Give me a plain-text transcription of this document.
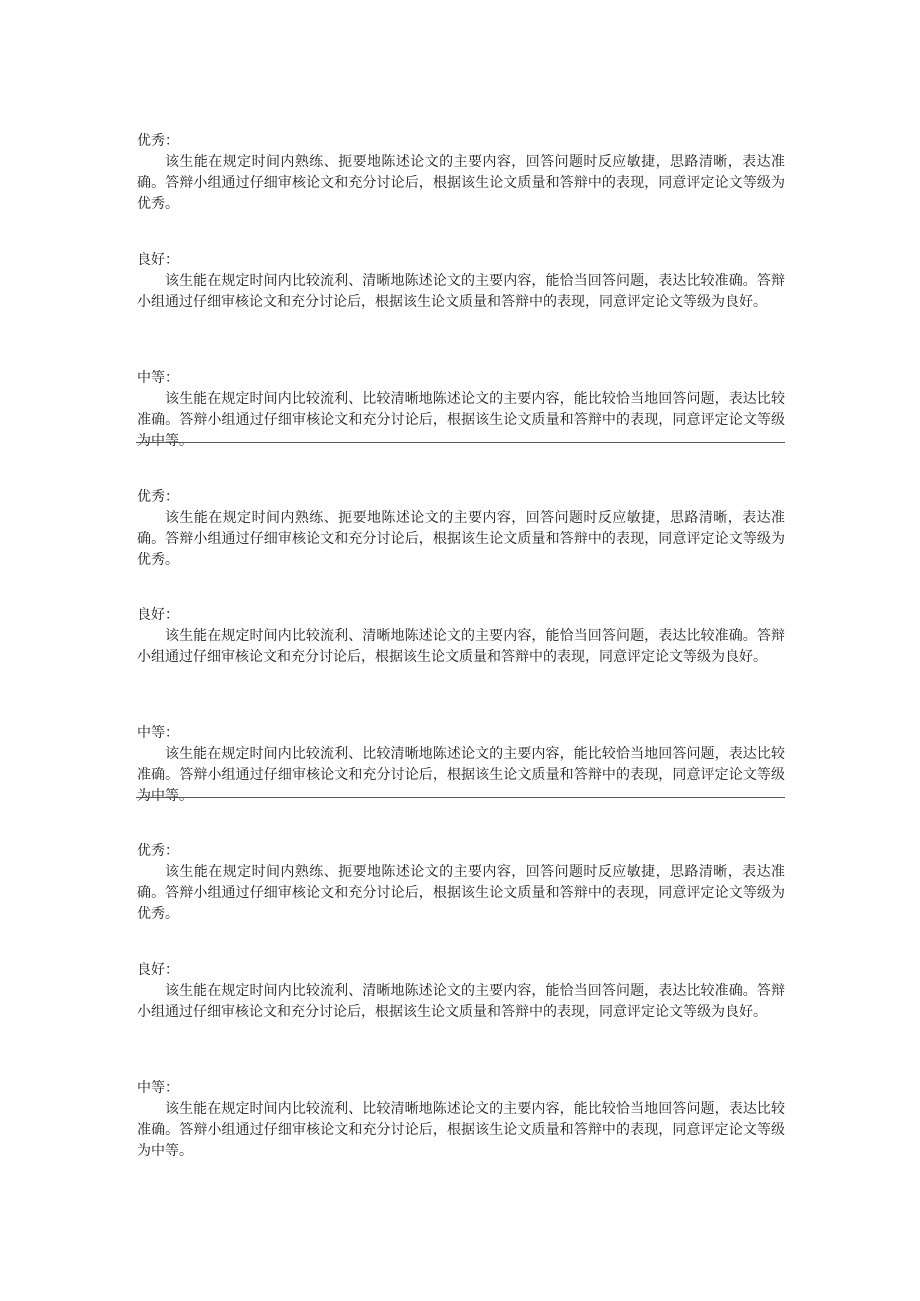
优秀：

该生能在规定时间内熟练、扼要地陈述论文的主要内容，回答问题时反应敏捷，思路清晰，表达准确。答辩小组通过仔细审核论文和充分讨论后，根据该生论文质量和答辩中的表现，同意评定论文等级为优秀。

良好：

该生能在规定时间内比较流利、清晰地陈述论文的主要内容，能恰当回答问题，表达比较准确。答辩小组通过仔细审核论文和充分讨论后，根据该生论文质量和答辩中的表现，同意评定论文等级为良好。

中等：

该生能在规定时间内比较流利、比较清晰地陈述论文的主要内容，能比较恰当地回答问题，表达比较准确。答辩小组通过仔细审核论文和充分讨论后，根据该生论文质量和答辩中的表现，同意评定论文等级为中等。

优秀：

该生能在规定时间内熟练、扼要地陈述论文的主要内容，回答问题时反应敏捷，思路清晰，表达准确。答辩小组通过仔细审核论文和充分讨论后，根据该生论文质量和答辩中的表现，同意评定论文等级为优秀。

良好：

该生能在规定时间内比较流利、清晰地陈述论文的主要内容，能恰当回答问题，表达比较准确。答辩小组通过仔细审核论文和充分讨论后，根据该生论文质量和答辩中的表现，同意评定论文等级为良好。

中等：

该生能在规定时间内比较流利、比较清晰地陈述论文的主要内容，能比较恰当地回答问题，表达比较准确。答辩小组通过仔细审核论文和充分讨论后，根据该生论文质量和答辩中的表现，同意评定论文等级为中等。

优秀：

该生能在规定时间内熟练、扼要地陈述论文的主要内容，回答问题时反应敏捷，思路清晰，表达准确。答辩小组通过仔细审核论文和充分讨论后，根据该生论文质量和答辩中的表现，同意评定论文等级为优秀。

良好：

该生能在规定时间内比较流利、清晰地陈述论文的主要内容，能恰当回答问题，表达比较准确。答辩小组通过仔细审核论文和充分讨论后，根据该生论文质量和答辩中的表现，同意评定论文等级为良好。

中等：

该生能在规定时间内比较流利、比较清晰地陈述论文的主要内容，能比较恰当地回答问题，表达比较准确。答辩小组通过仔细审核论文和充分讨论后，根据该生论文质量和答辩中的表现，同意评定论文等级为中等。
